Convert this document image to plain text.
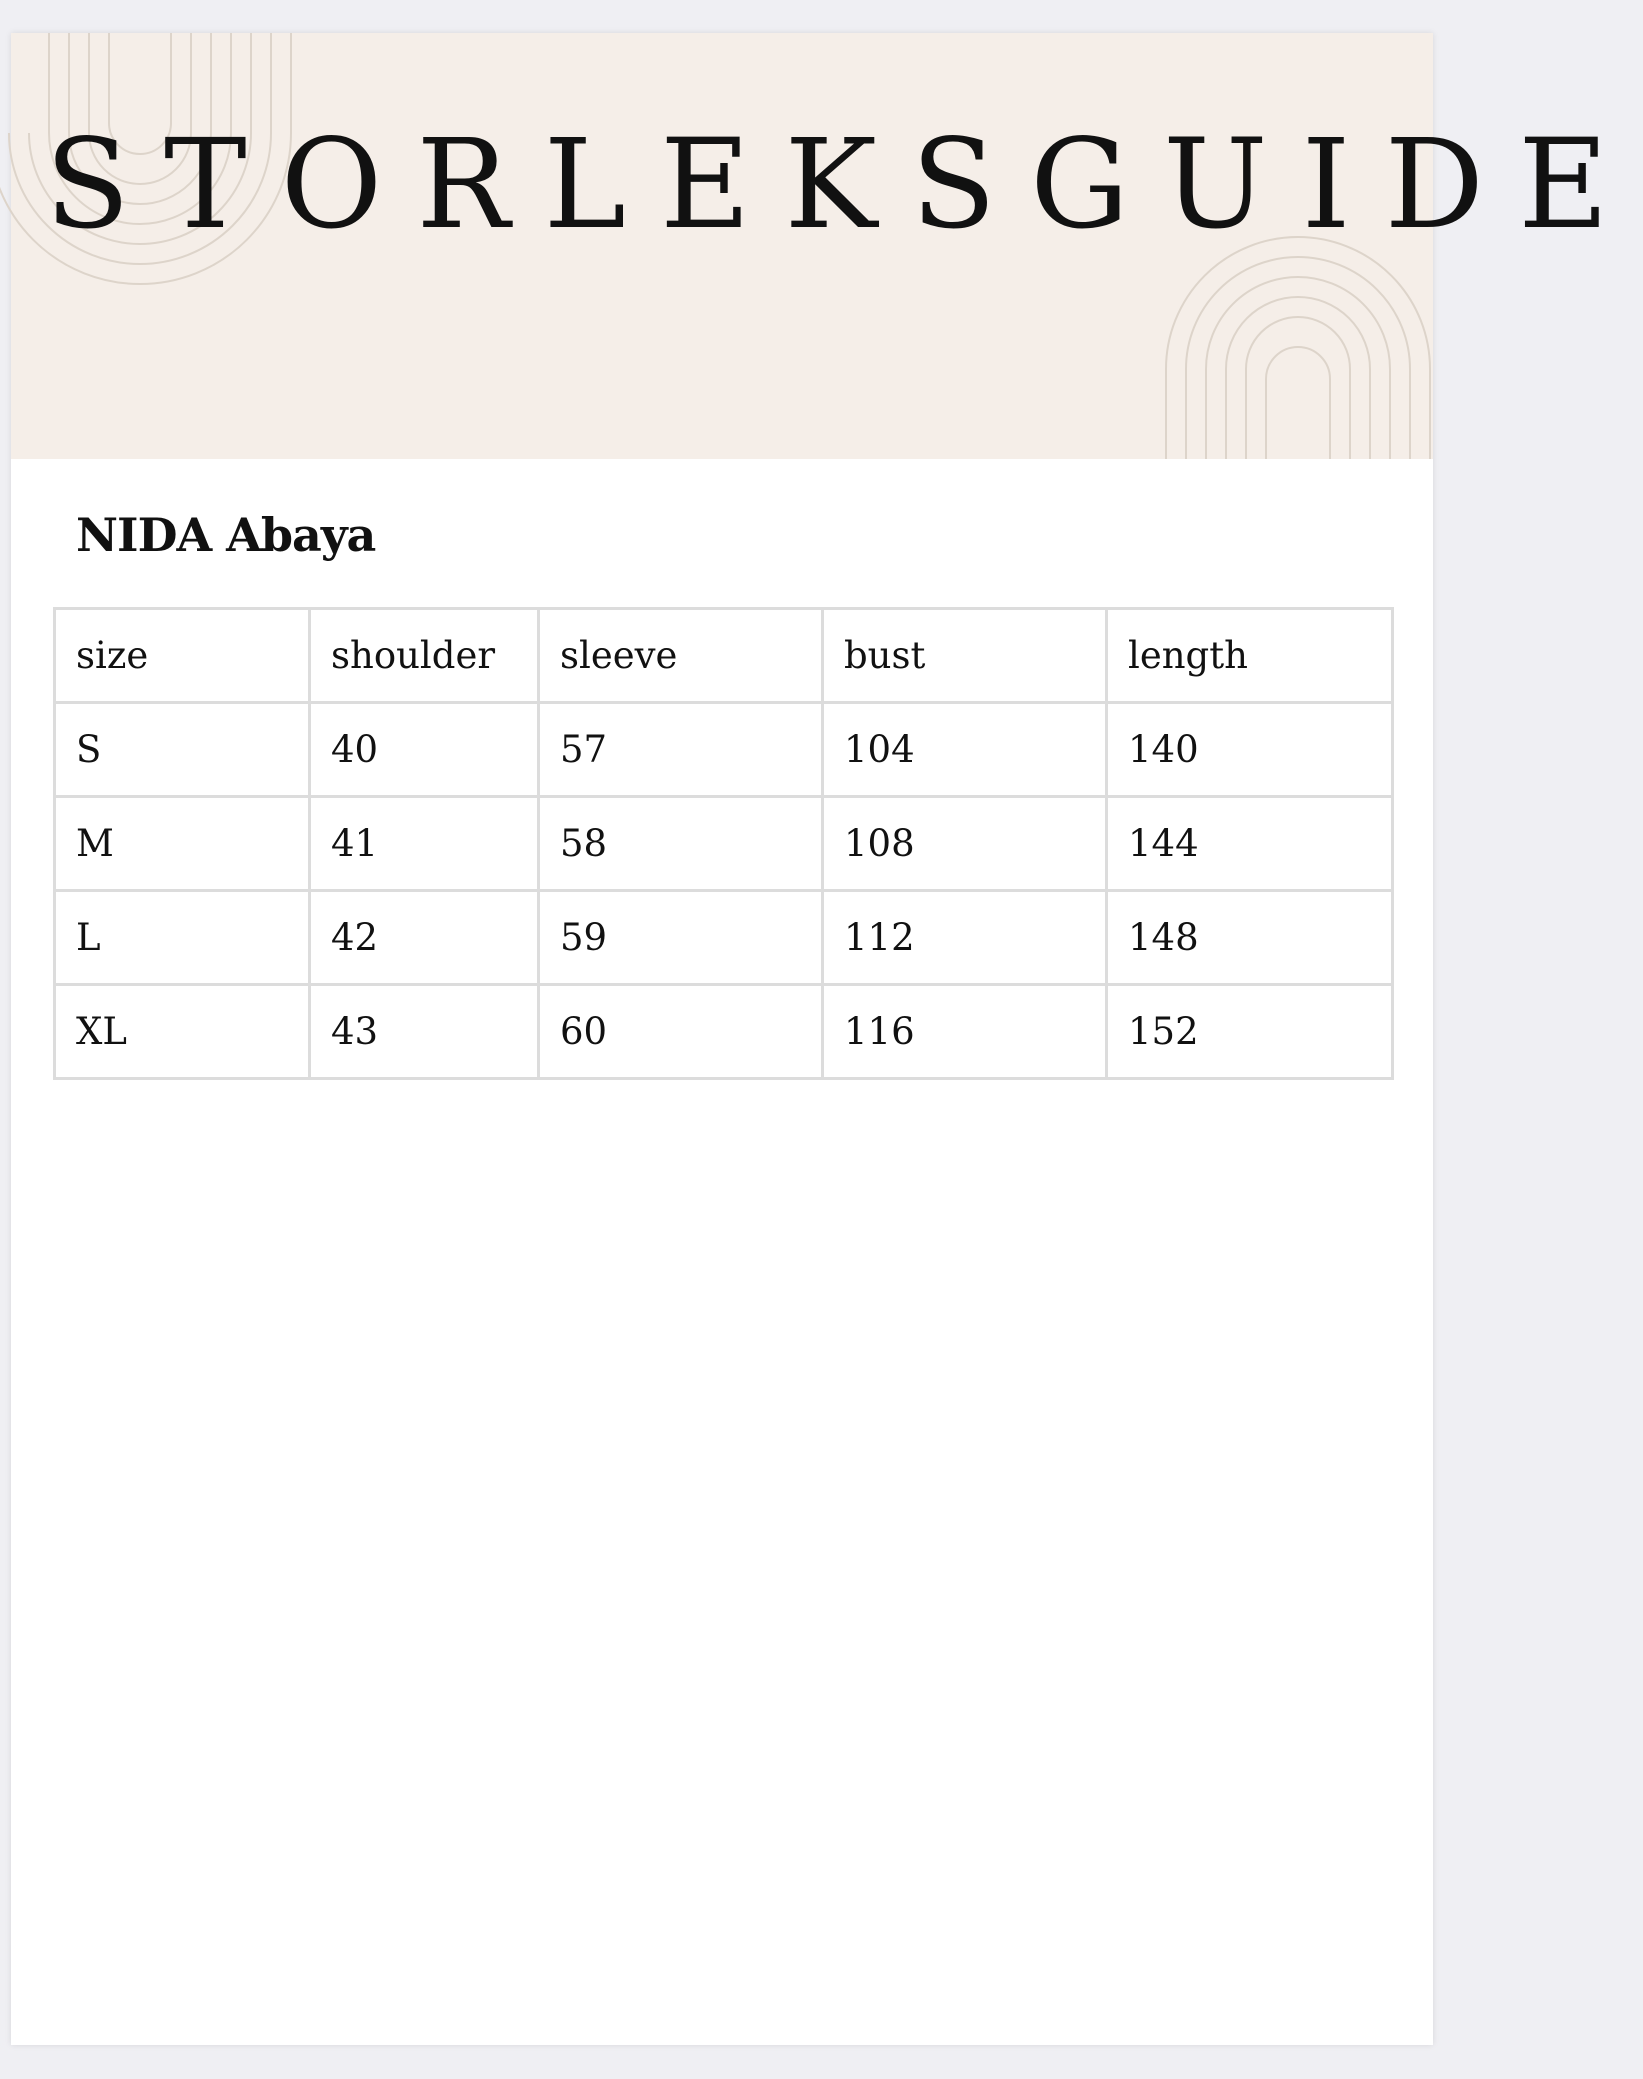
STORLEKSGUIDE
NIDA Abaya
size	shoulder	sleeve	bust	length
S	40	57	104	140
M	41	58	108	144
L	42	59	112	148
XL	43	60	116	152
